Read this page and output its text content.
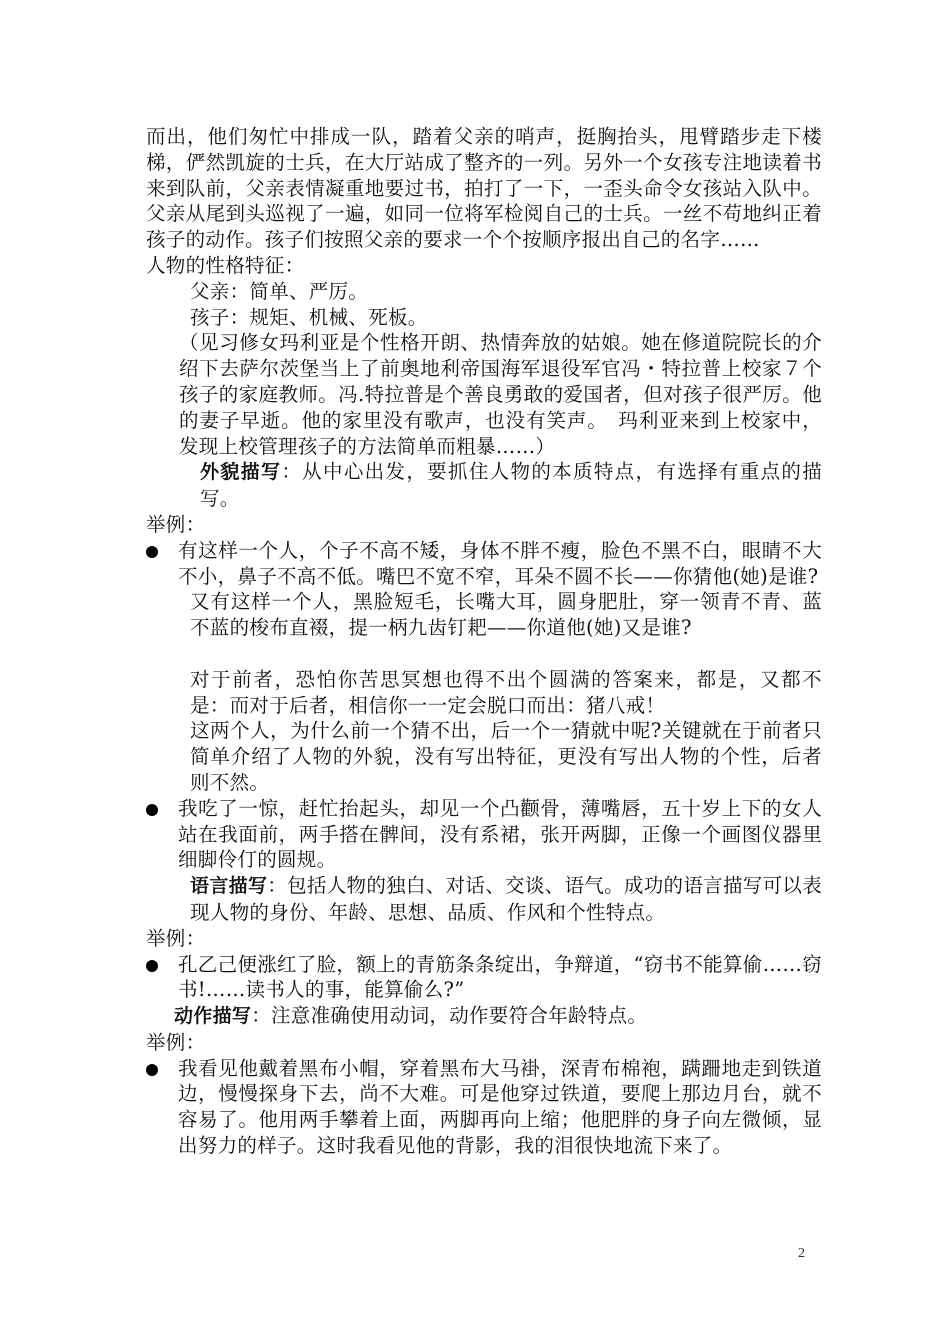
而出，他们匆忙中排成一队，踏着父亲的哨声，挺胸抬头，甩臂踏步走下楼梯，俨然凯旋的士兵，在大厅站成了整齐的一列。另外一个女孩专注地读着书来到队前，父亲表情凝重地要过书，拍打了一下，一歪头命令女孩站入队中。父亲从尾到头巡视了一遍，如同一位将军检阅自己的士兵。一丝不苟地纠正着孩子的动作。孩子们按照父亲的要求一个个按顺序报出自己的名字……

人物的性格特征：

父亲：简单、严厉。

孩子：规矩、机械、死板。

（见习修女玛利亚是个性格开朗、热情奔放的姑娘。她在修道院院长的介绍下去萨尔茨堡当上了前奥地利帝国海军退役军官冯・特拉普上校家７个孩子的家庭教师。冯.特拉普是个善良勇敢的爱国者，但对孩子很严厉。他的妻子早逝。他的家里没有歌声，也没有笑声。　玛利亚来到上校家中，发现上校管理孩子的方法简单而粗暴……）

外貌描写：从中心出发，要抓住人物的本质特点，有选择有重点的描写。

举例：

有这样一个人，个子不高不矮，身体不胖不瘦，脸色不黑不白，眼睛不大不小，鼻子不高不低。嘴巴不宽不窄，耳朵不圆不长——你猜他(她)是谁?

又有这样一个人，黑脸短毛，长嘴大耳，圆身肥肚，穿一领青不青、蓝不蓝的梭布直裰，提一柄九齿钉耙——你道他(她)又是谁?

对于前者，恐怕你苦思冥想也得不出个圆满的答案来，都是，又都不是：而对于后者，相信你一一定会脱口而出：猪八戒！

这两个人，为什么前一个猜不出，后一个一猜就中呢?关键就在于前者只简单介绍了人物的外貌，没有写出特征，更没有写出人物的个性，后者则不然。

我吃了一惊，赶忙抬起头，却见一个凸颧骨，薄嘴唇，五十岁上下的女人站在我面前，两手搭在髀间，没有系裙，张开两脚，正像一个画图仪器里细脚伶仃的圆规。

语言描写：包括人物的独白、对话、交谈、语气。成功的语言描写可以表现人物的身份、年龄、思想、品质、作风和个性特点。

举例：

孔乙己便涨红了脸，额上的青筋条条绽出，争辩道，“窃书不能算偷……窃书!……读书人的事，能算偷么?”

动作描写：注意准确使用动词，动作要符合年龄特点。

举例：

我看见他戴着黑布小帽，穿着黑布大马褂，深青布棉袍，蹒跚地走到铁道边，慢慢探身下去，尚不大难。可是他穿过铁道，要爬上那边月台，就不容易了。他用两手攀着上面，两脚再向上缩；他肥胖的身子向左微倾，显出努力的样子。这时我看见他的背影，我的泪很快地流下来了。

2
